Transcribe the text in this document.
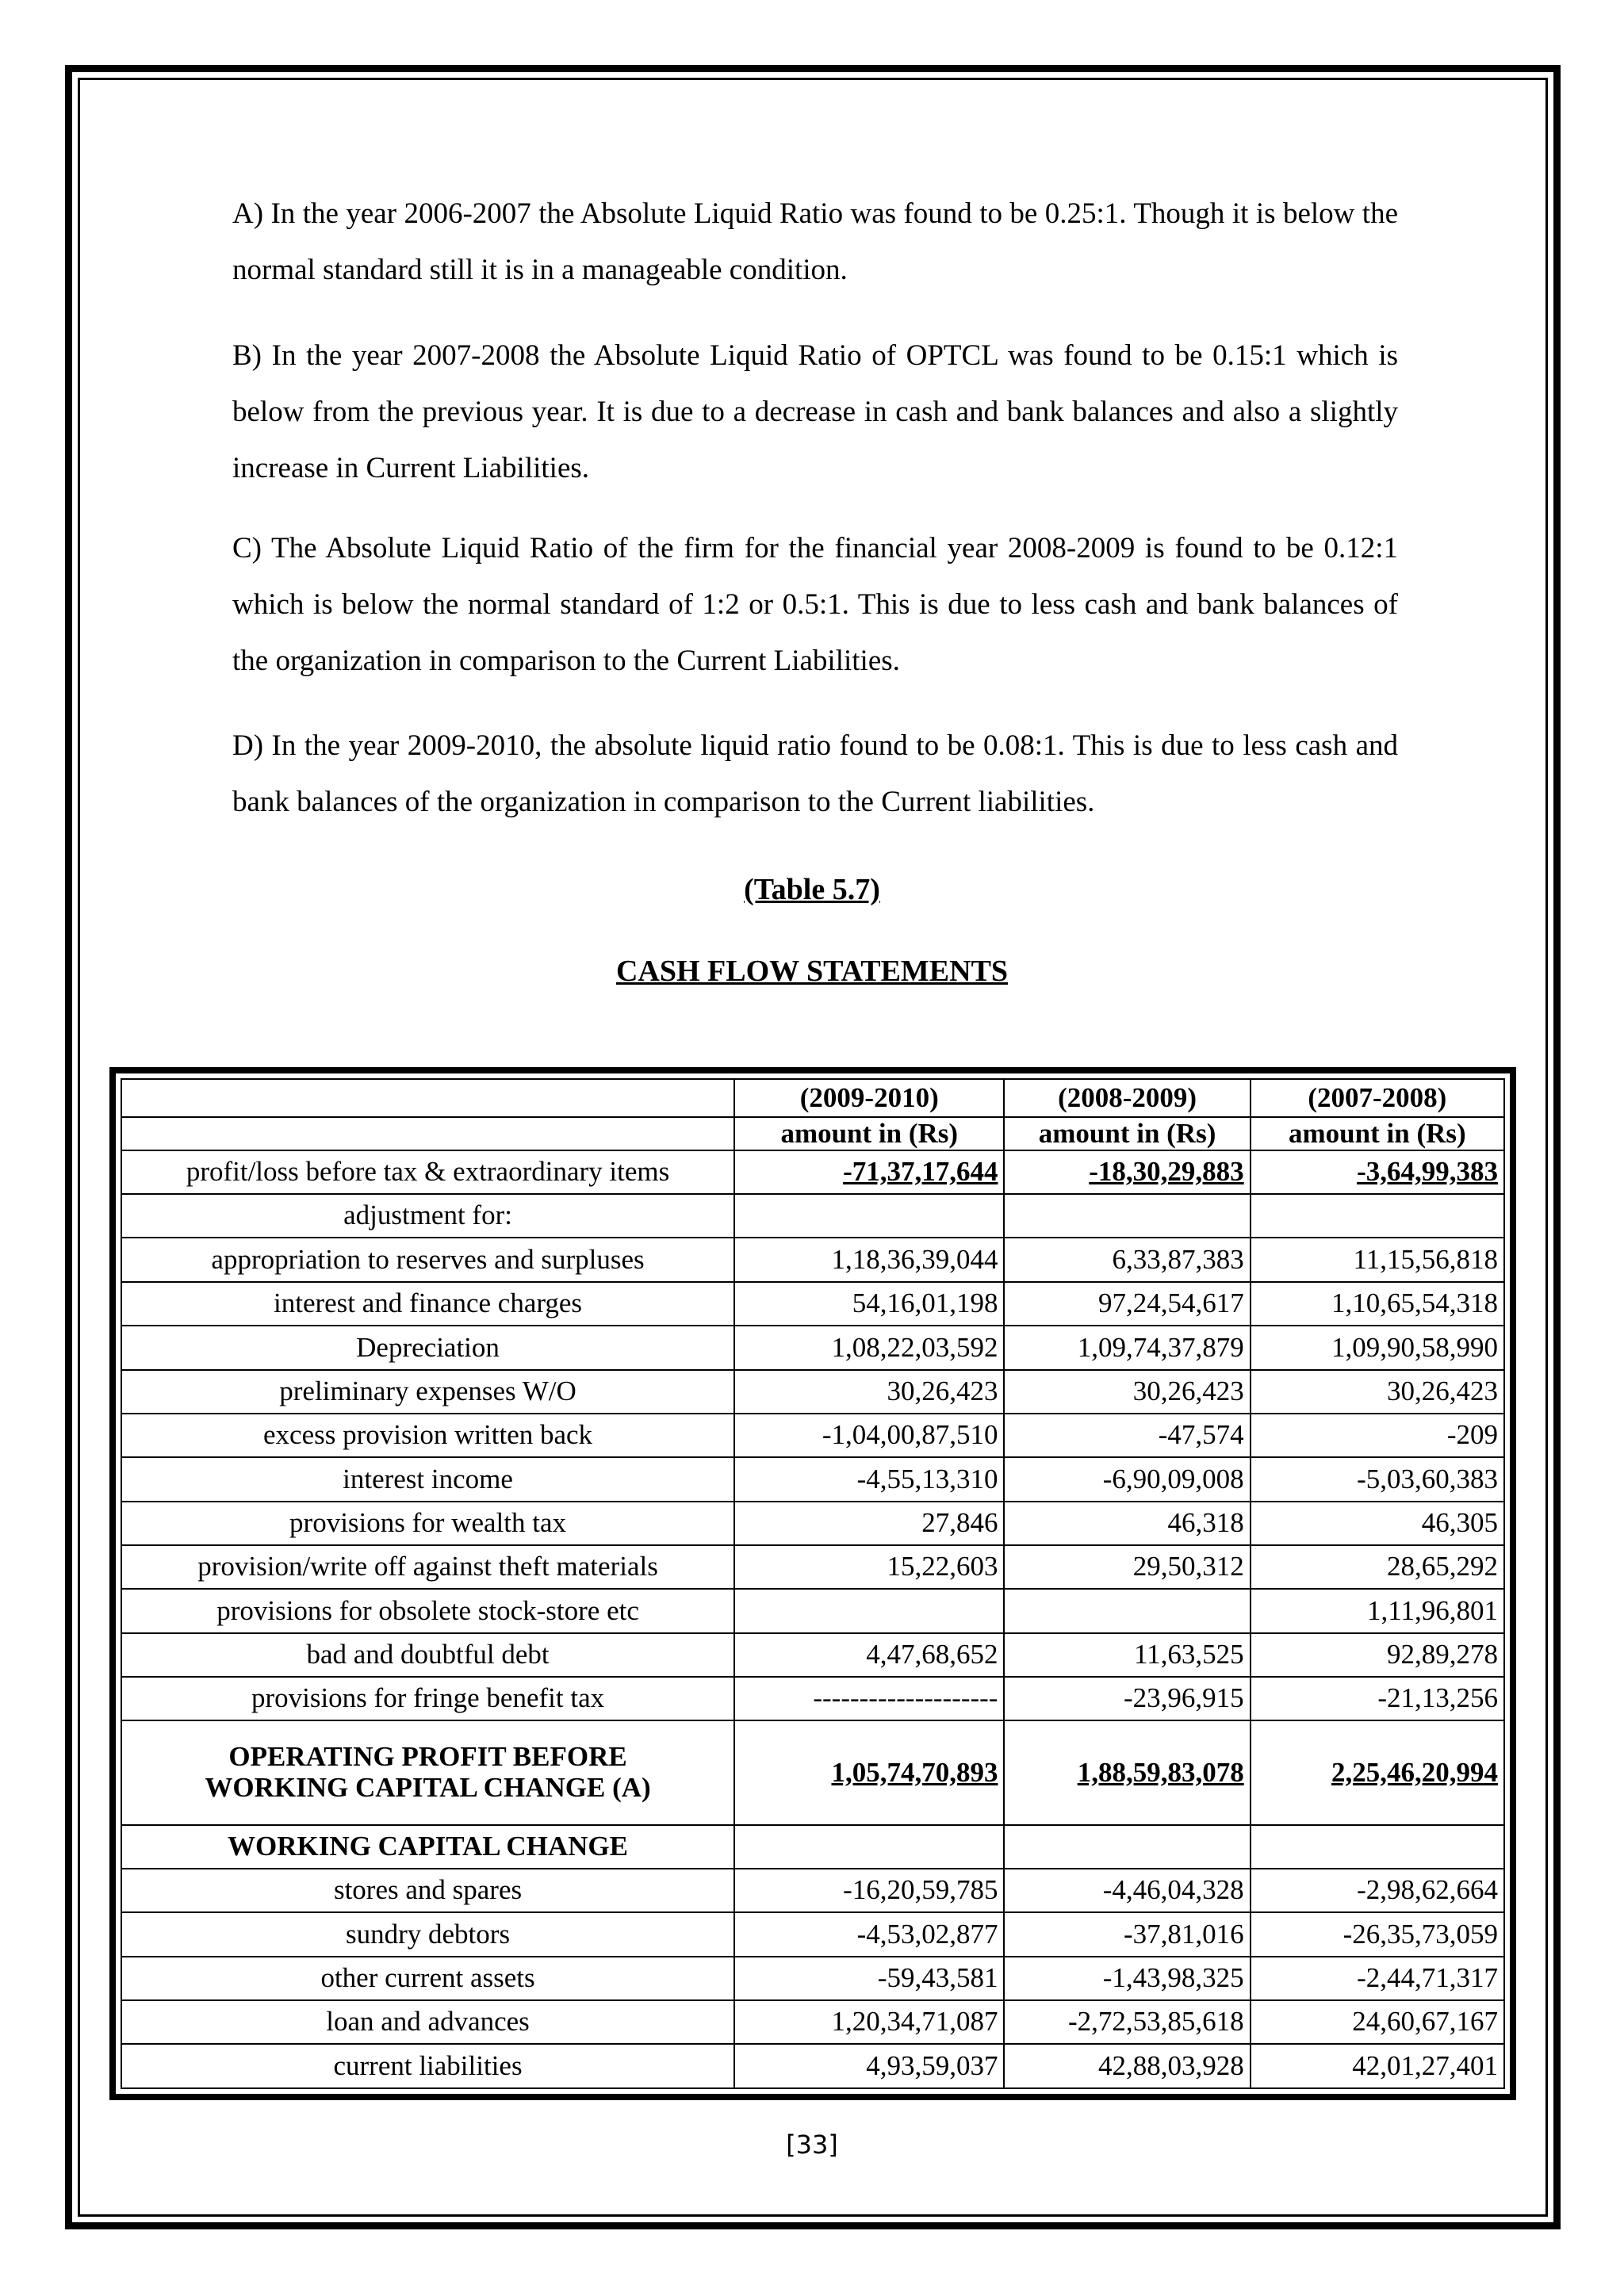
A) In the year 2006-2007 the Absolute Liquid Ratio was found to be 0.25:1. Though it is below the normal standard still it is in a manageable condition.

B) In the year 2007-2008 the Absolute Liquid Ratio of OPTCL was found to be 0.15:1 which is below from the previous year. It is due to a decrease in cash and bank balances and also a slightly increase in Current Liabilities.

C) The Absolute Liquid Ratio of the firm for the financial year 2008-2009 is found to be 0.12:1 which is below the normal standard of 1:2 or 0.5:1. This is due to less cash and bank balances of the organization in comparison to the Current Liabilities.

D) In the year 2009-2010, the absolute liquid ratio found to be 0.08:1. This is due to less cash and bank balances of the organization in comparison to the Current liabilities.

(Table 5.7)
CASH FLOW STATEMENTS
	(2009-2010)	(2008-2009)	(2007-2008)
	amount in (Rs)	amount in (Rs)	amount in (Rs)
profit/loss before tax & extraordinary items	-71,37,17,644	-18,30,29,883	-3,64,99,383
adjustment for:			
appropriation to reserves and surpluses	1,18,36,39,044	6,33,87,383	11,15,56,818
interest and finance charges	54,16,01,198	97,24,54,617	1,10,65,54,318
Depreciation	1,08,22,03,592	1,09,74,37,879	1,09,90,58,990
preliminary expenses W/O	30,26,423	30,26,423	30,26,423
excess provision written back	-1,04,00,87,510	-47,574	-209
interest income	-4,55,13,310	-6,90,09,008	-5,03,60,383
provisions for wealth tax	27,846	46,318	46,305
provision/write off against theft materials	15,22,603	29,50,312	28,65,292
provisions for obsolete stock-store etc			1,11,96,801
bad and doubtful debt	4,47,68,652	11,63,525	92,89,278
provisions for fringe benefit tax	--------------------	-23,96,915	-21,13,256

OPERATING PROFIT BEFORE
WORKING CAPITAL CHANGE (A)	1,05,74,70,893	1,88,59,83,078	2,25,46,20,994
WORKING CAPITAL CHANGE			
stores and spares	-16,20,59,785	-4,46,04,328	-2,98,62,664
sundry debtors	-4,53,02,877	-37,81,016	-26,35,73,059
other current assets	-59,43,581	-1,43,98,325	-2,44,71,317
loan and advances	1,20,34,71,087	-2,72,53,85,618	24,60,67,167
current liabilities	4,93,59,037	42,88,03,928	42,01,27,401
[33]
